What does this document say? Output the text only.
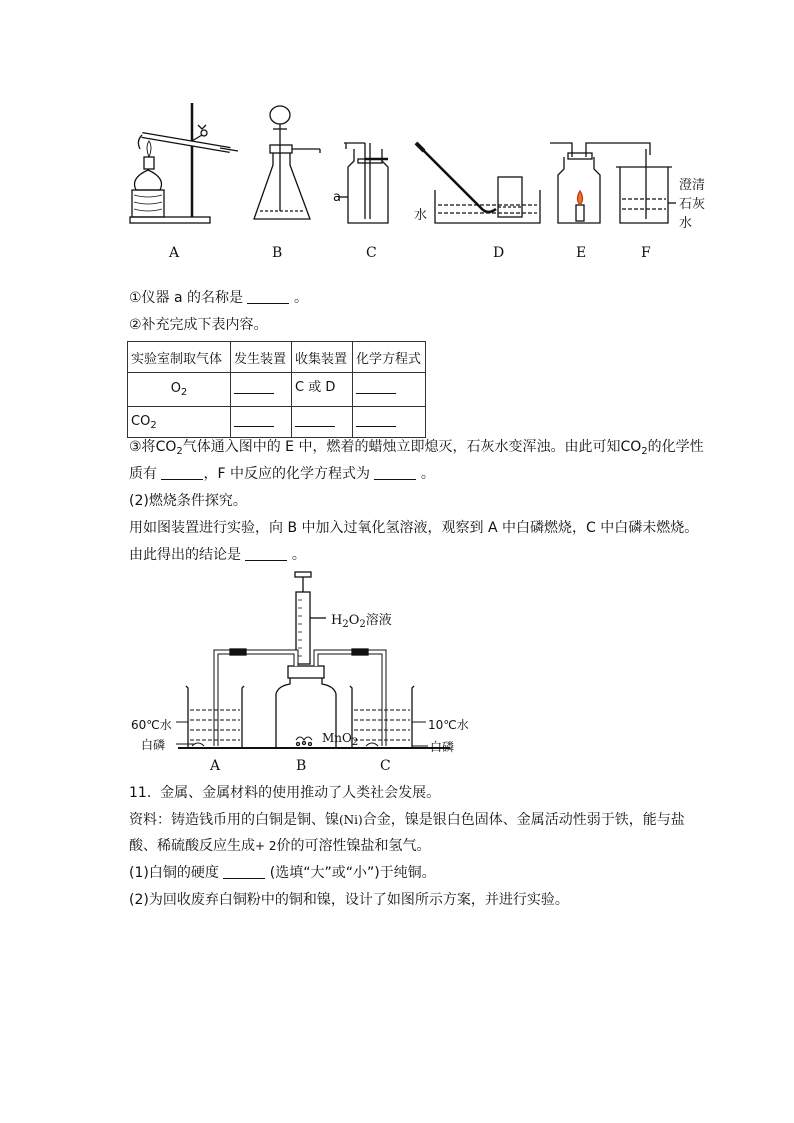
a
水
澄清
石灰
水
A	B	C	D	E	F
①仪器 a 的名称是	。
②补充完成下表内容。
实验室制取气体	发生装置	收集装置	化学方程式
$O_2$		C 或 D	
$CO_2$			
③将$CO_2$气体通入图中的 E 中，燃着的蜡烛立即熄灭，石灰水变浑浊。由此可知$CO_2$的化学性
质有	，F 中反应的化学方程式为	。
(2)燃烧条件探究。
用如图装置进行实验，向 B 中加入过氧化氢溶液，观察到 A 中白磷燃烧，C 中白磷未燃烧。
由此得出的结论是	。
$H_2O_2$溶液
60℃水
白磷	MnO$_2$
10℃水
白磷
A	B	C
11. 金属、金属材料的使用推动了人类社会发展。
资料：铸造钱币用的白铜是铜、镍(Ni)合金，镍是银白色固体、金属活动性弱于铁，能与盐
酸、稀硫酸反应生成+ 2价的可溶性镍盐和氢气。
(1)白铜的硬度	(选填“大”或“小”)于纯铜。
(2)为回收废弃白铜粉中的铜和镍，设计了如图所示方案，并进行实验。
